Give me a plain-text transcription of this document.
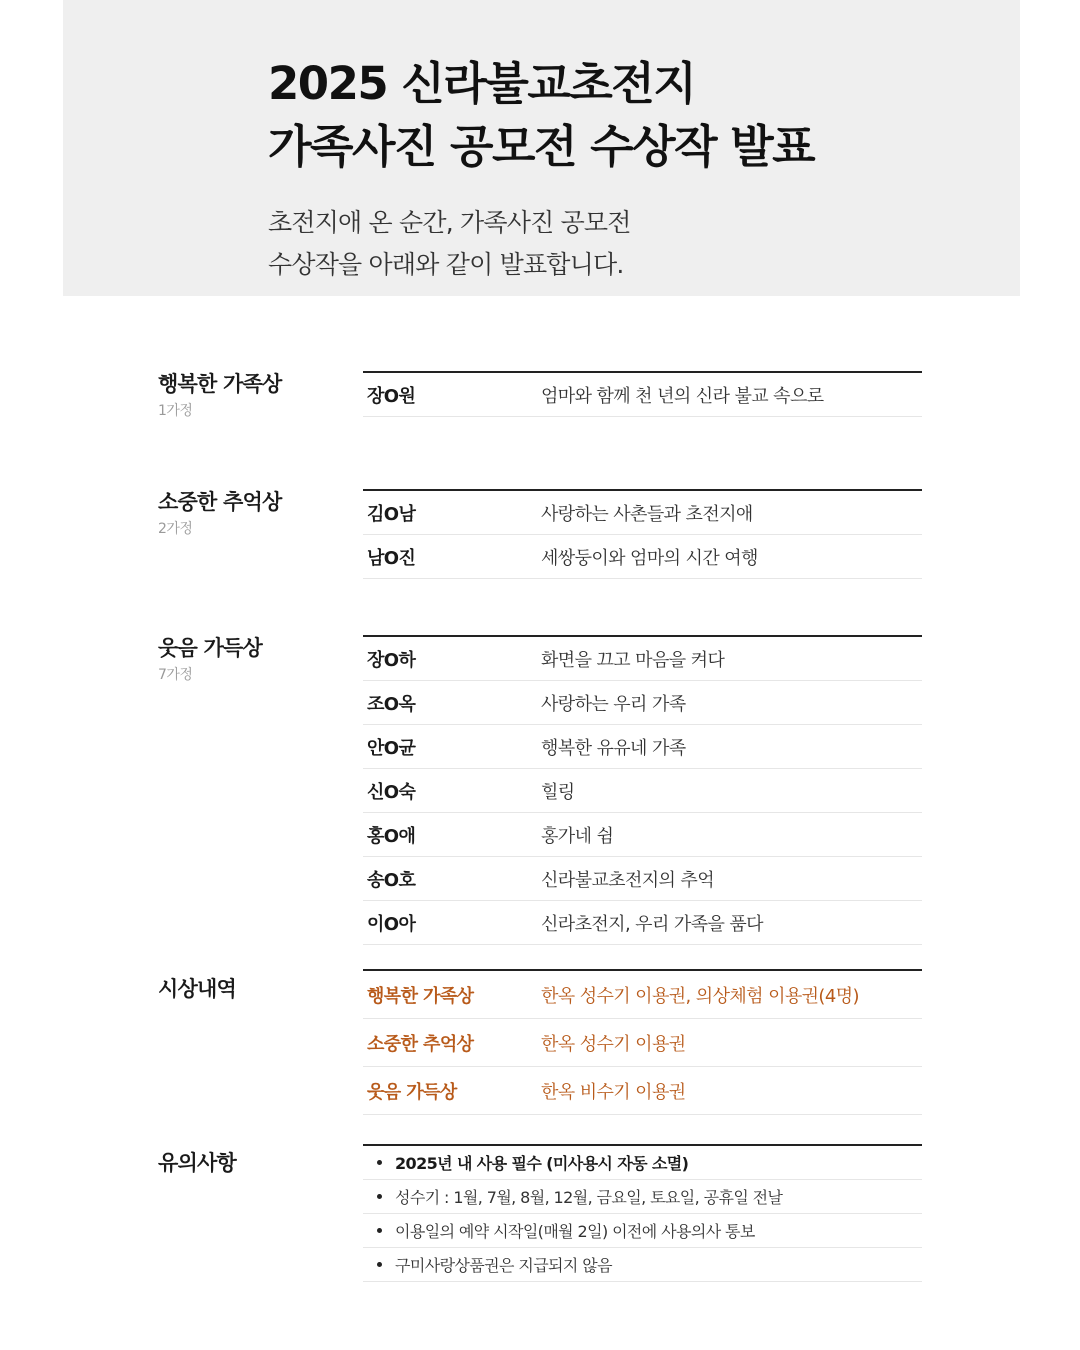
2025 신라불교초전지
가족사진 공모전 수상작 발표

초전지애 온 순간, 가족사진 공모전
수상작을 아래와 같이 발표합니다.

행복한 가족상
1가정
장O원	엄마와 함께 천 년의 신라 불교 속으로
소중한 추억상
2가정
김O남	사랑하는 사촌들과 초전지애
남O진	세쌍둥이와 엄마의 시간 여행
웃음 가득상
7가정
장O하	화면을 끄고 마음을 켜다
조O옥	사랑하는 우리 가족
안O균	행복한 유유네 가족
신O숙	힐링
홍O애	홍가네 쉼
송O호	신라불교초전지의 추억
이O아	신라초전지, 우리 가족을 품다
시상내역	행복한 가족상	한옥 성수기 이용권, 의상체험 이용권(4명)
소중한 추억상	한옥 성수기 이용권
웃음 가득상	한옥 비수기 이용권
유의사항	2025년 내 사용 필수 (미사용시 자동 소멸)
성수기 : 1월, 7월, 8월, 12월, 금요일, 토요일, 공휴일 전날
이용일의 예약 시작일(매월 2일) 이전에 사용의사 통보
구미사랑상품권은 지급되지 않음
